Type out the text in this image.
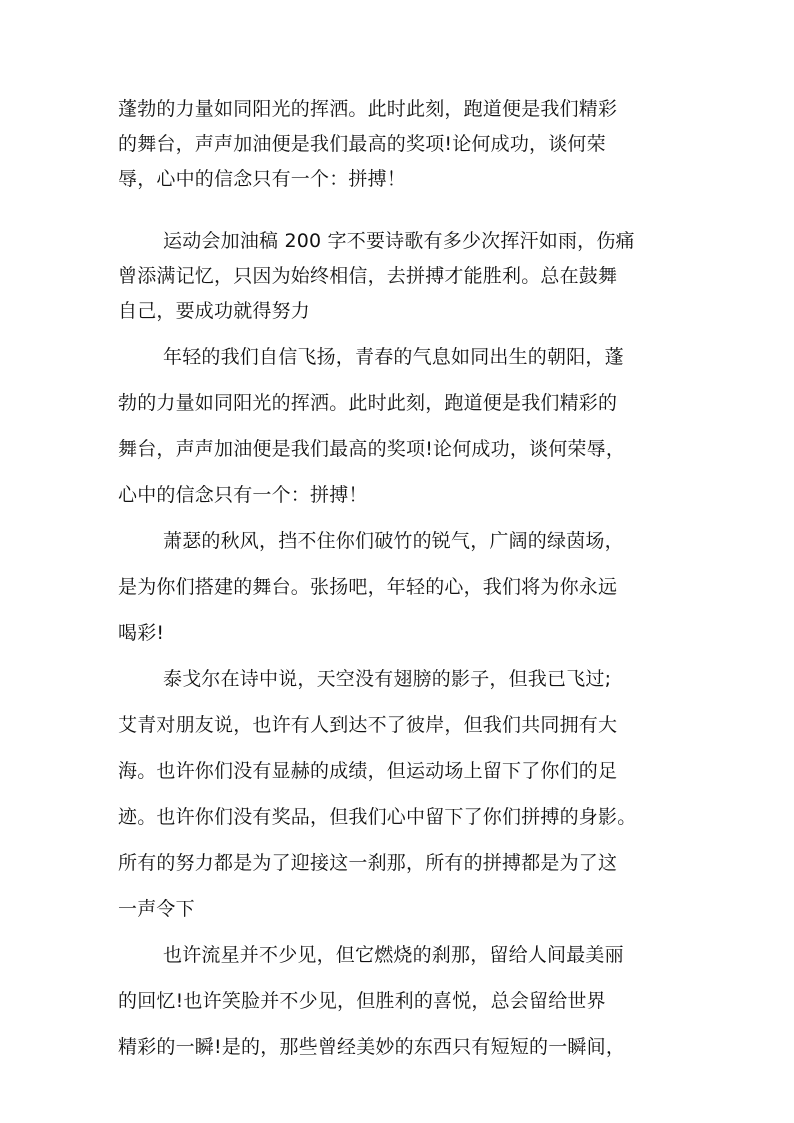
蓬勃的力量如同阳光的挥洒。此时此刻，跑道便是我们精彩
的舞台，声声加油便是我们最高的奖项!论何成功，谈何荣
辱，心中的信念只有一个：拼搏！
运动会加油稿 200 字不要诗歌有多少次挥汗如雨，伤痛
曾添满记忆，只因为始终相信，去拼搏才能胜利。总在鼓舞
自己，要成功就得努力
年轻的我们自信飞扬，青春的气息如同出生的朝阳，蓬
勃的力量如同阳光的挥洒。此时此刻，跑道便是我们精彩的
舞台，声声加油便是我们最高的奖项!论何成功，谈何荣辱，
心中的信念只有一个：拼搏！
萧瑟的秋风，挡不住你们破竹的锐气，广阔的绿茵场，
是为你们搭建的舞台。张扬吧，年轻的心，我们将为你永远
喝彩!
泰戈尔在诗中说，天空没有翅膀的影子，但我已飞过;
艾青对朋友说，也许有人到达不了彼岸，但我们共同拥有大
海。也许你们没有显赫的成绩，但运动场上留下了你们的足
迹。也许你们没有奖品，但我们心中留下了你们拼搏的身影。
所有的努力都是为了迎接这一刹那，所有的拼搏都是为了这
一声令下
也许流星并不少见，但它燃烧的刹那，留给人间最美丽
的回忆!也许笑脸并不少见，但胜利的喜悦，总会留给世界
精彩的一瞬!是的，那些曾经美妙的东西只有短短的一瞬间，
